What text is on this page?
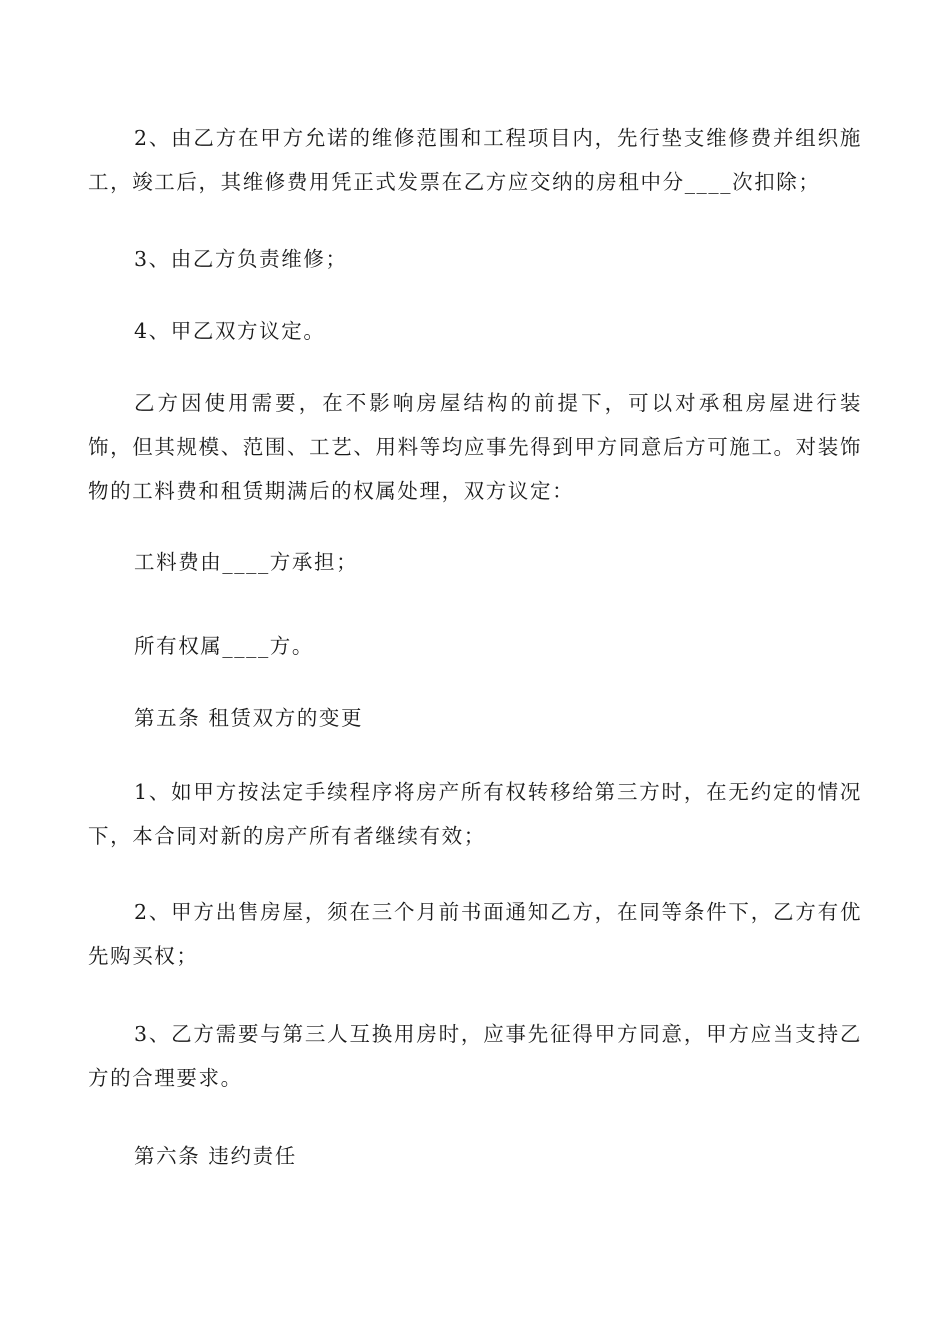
2、由乙方在甲方允诺的维修范围和工程项目内，先行垫支维修费并组织施工，竣工后，其维修费用凭正式发票在乙方应交纳的房租中分____次扣除；

3、由乙方负责维修；

4、甲乙双方议定。

乙方因使用需要，在不影响房屋结构的前提下，可以对承租房屋进行装饰，但其规模、范围、工艺、用料等均应事先得到甲方同意后方可施工。对装饰物的工料费和租赁期满后的权属处理，双方议定：

工料费由____方承担；

所有权属____方。

第五条 租赁双方的变更

1、如甲方按法定手续程序将房产所有权转移给第三方时，在无约定的情况下，本合同对新的房产所有者继续有效；

2、甲方出售房屋，须在三个月前书面通知乙方，在同等条件下，乙方有优先购买权；

3、乙方需要与第三人互换用房时，应事先征得甲方同意，甲方应当支持乙方的合理要求。

第六条 违约责任
